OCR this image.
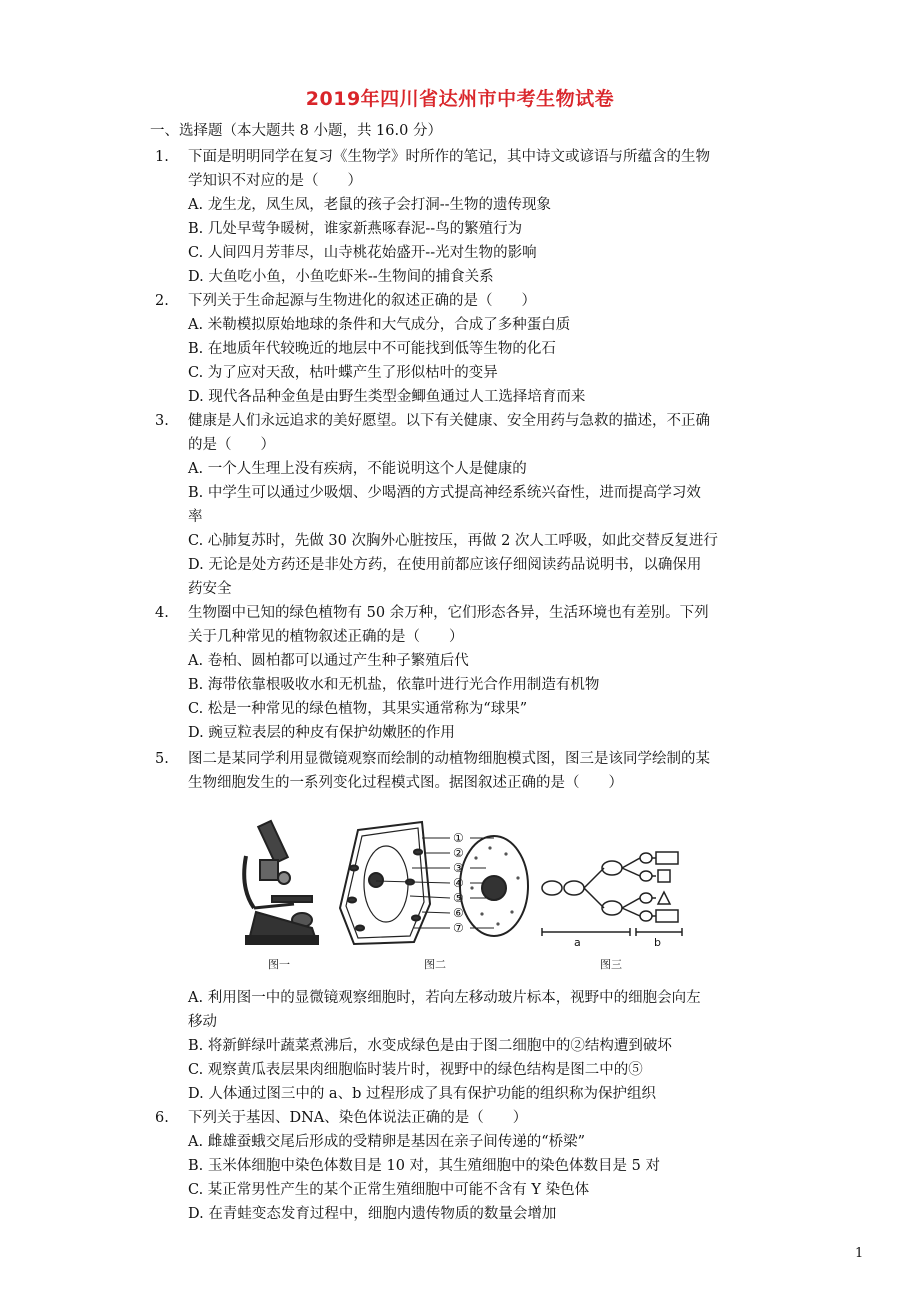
2019年四川省达州市中考生物试卷
一、选择题（本大题共 8 小题，共 16.0 分）
1. 下面是明明同学在复习《生物学》时所作的笔记，其中诗文或谚语与所蕴含的生物
学知识不对应的是（　　）
A. 龙生龙，凤生凤，老鼠的孩子会打洞--生物的遗传现象
B. 几处早莺争暖树，谁家新燕啄春泥--鸟的繁殖行为
C. 人间四月芳菲尽，山寺桃花始盛开--光对生物的影响
D. 大鱼吃小鱼，小鱼吃虾米--生物间的捕食关系
2. 下列关于生命起源与生物进化的叙述正确的是（　　）
A. 米勒模拟原始地球的条件和大气成分，合成了多种蛋白质
B. 在地质年代较晚近的地层中不可能找到低等生物的化石
C. 为了应对天敌，枯叶蝶产生了形似枯叶的变异
D. 现代各品种金鱼是由野生类型金鲫鱼通过人工选择培育而来
3. 健康是人们永远追求的美好愿望。以下有关健康、安全用药与急救的描述，不正确
的是（　　）
A. 一个人生理上没有疾病，不能说明这个人是健康的
B. 中学生可以通过少吸烟、少喝酒的方式提高神经系统兴奋性，进而提高学习效
率
C. 心肺复苏时，先做 30 次胸外心脏按压，再做 2 次人工呼吸，如此交替反复进行
D. 无论是处方药还是非处方药，在使用前都应该仔细阅读药品说明书，以确保用
药安全
4. 生物圈中已知的绿色植物有 50 余万种，它们形态各异，生活环境也有差别。下列
关于几种常见的植物叙述正确的是（　　）
A. 卷柏、圆柏都可以通过产生种子繁殖后代
B. 海带依靠根吸收水和无机盐，依靠叶进行光合作用制造有机物
C. 松是一种常见的绿色植物，其果实通常称为“球果”
D. 豌豆粒表层的种皮有保护幼嫩胚的作用
5. 图二是某同学利用显微镜观察而绘制的动植物细胞模式图，图三是该同学绘制的某
生物细胞发生的一系列变化过程模式图。据图叙述正确的是（　　）
①
②
③
④
⑤
⑥
⑦
a	b
图一	图二	图三
A. 利用图一中的显微镜观察细胞时，若向左移动玻片标本，视野中的细胞会向左
移动
B. 将新鲜绿叶蔬菜煮沸后，水变成绿色是由于图二细胞中的②结构遭到破坏
C. 观察黄瓜表层果肉细胞临时装片时，视野中的绿色结构是图二中的⑤
D. 人体通过图三中的 a、b 过程形成了具有保护功能的组织称为保护组织
6. 下列关于基因、DNA、染色体说法正确的是（　　）
A. 雌雄蚕蛾交尾后形成的受精卵是基因在亲子间传递的“桥梁”
B. 玉米体细胞中染色体数目是 10 对，其生殖细胞中的染色体数目是 5 对
C. 某正常男性产生的某个正常生殖细胞中可能不含有 Y 染色体
D. 在青蛙变态发育过程中，细胞内遗传物质的数量会增加
1
